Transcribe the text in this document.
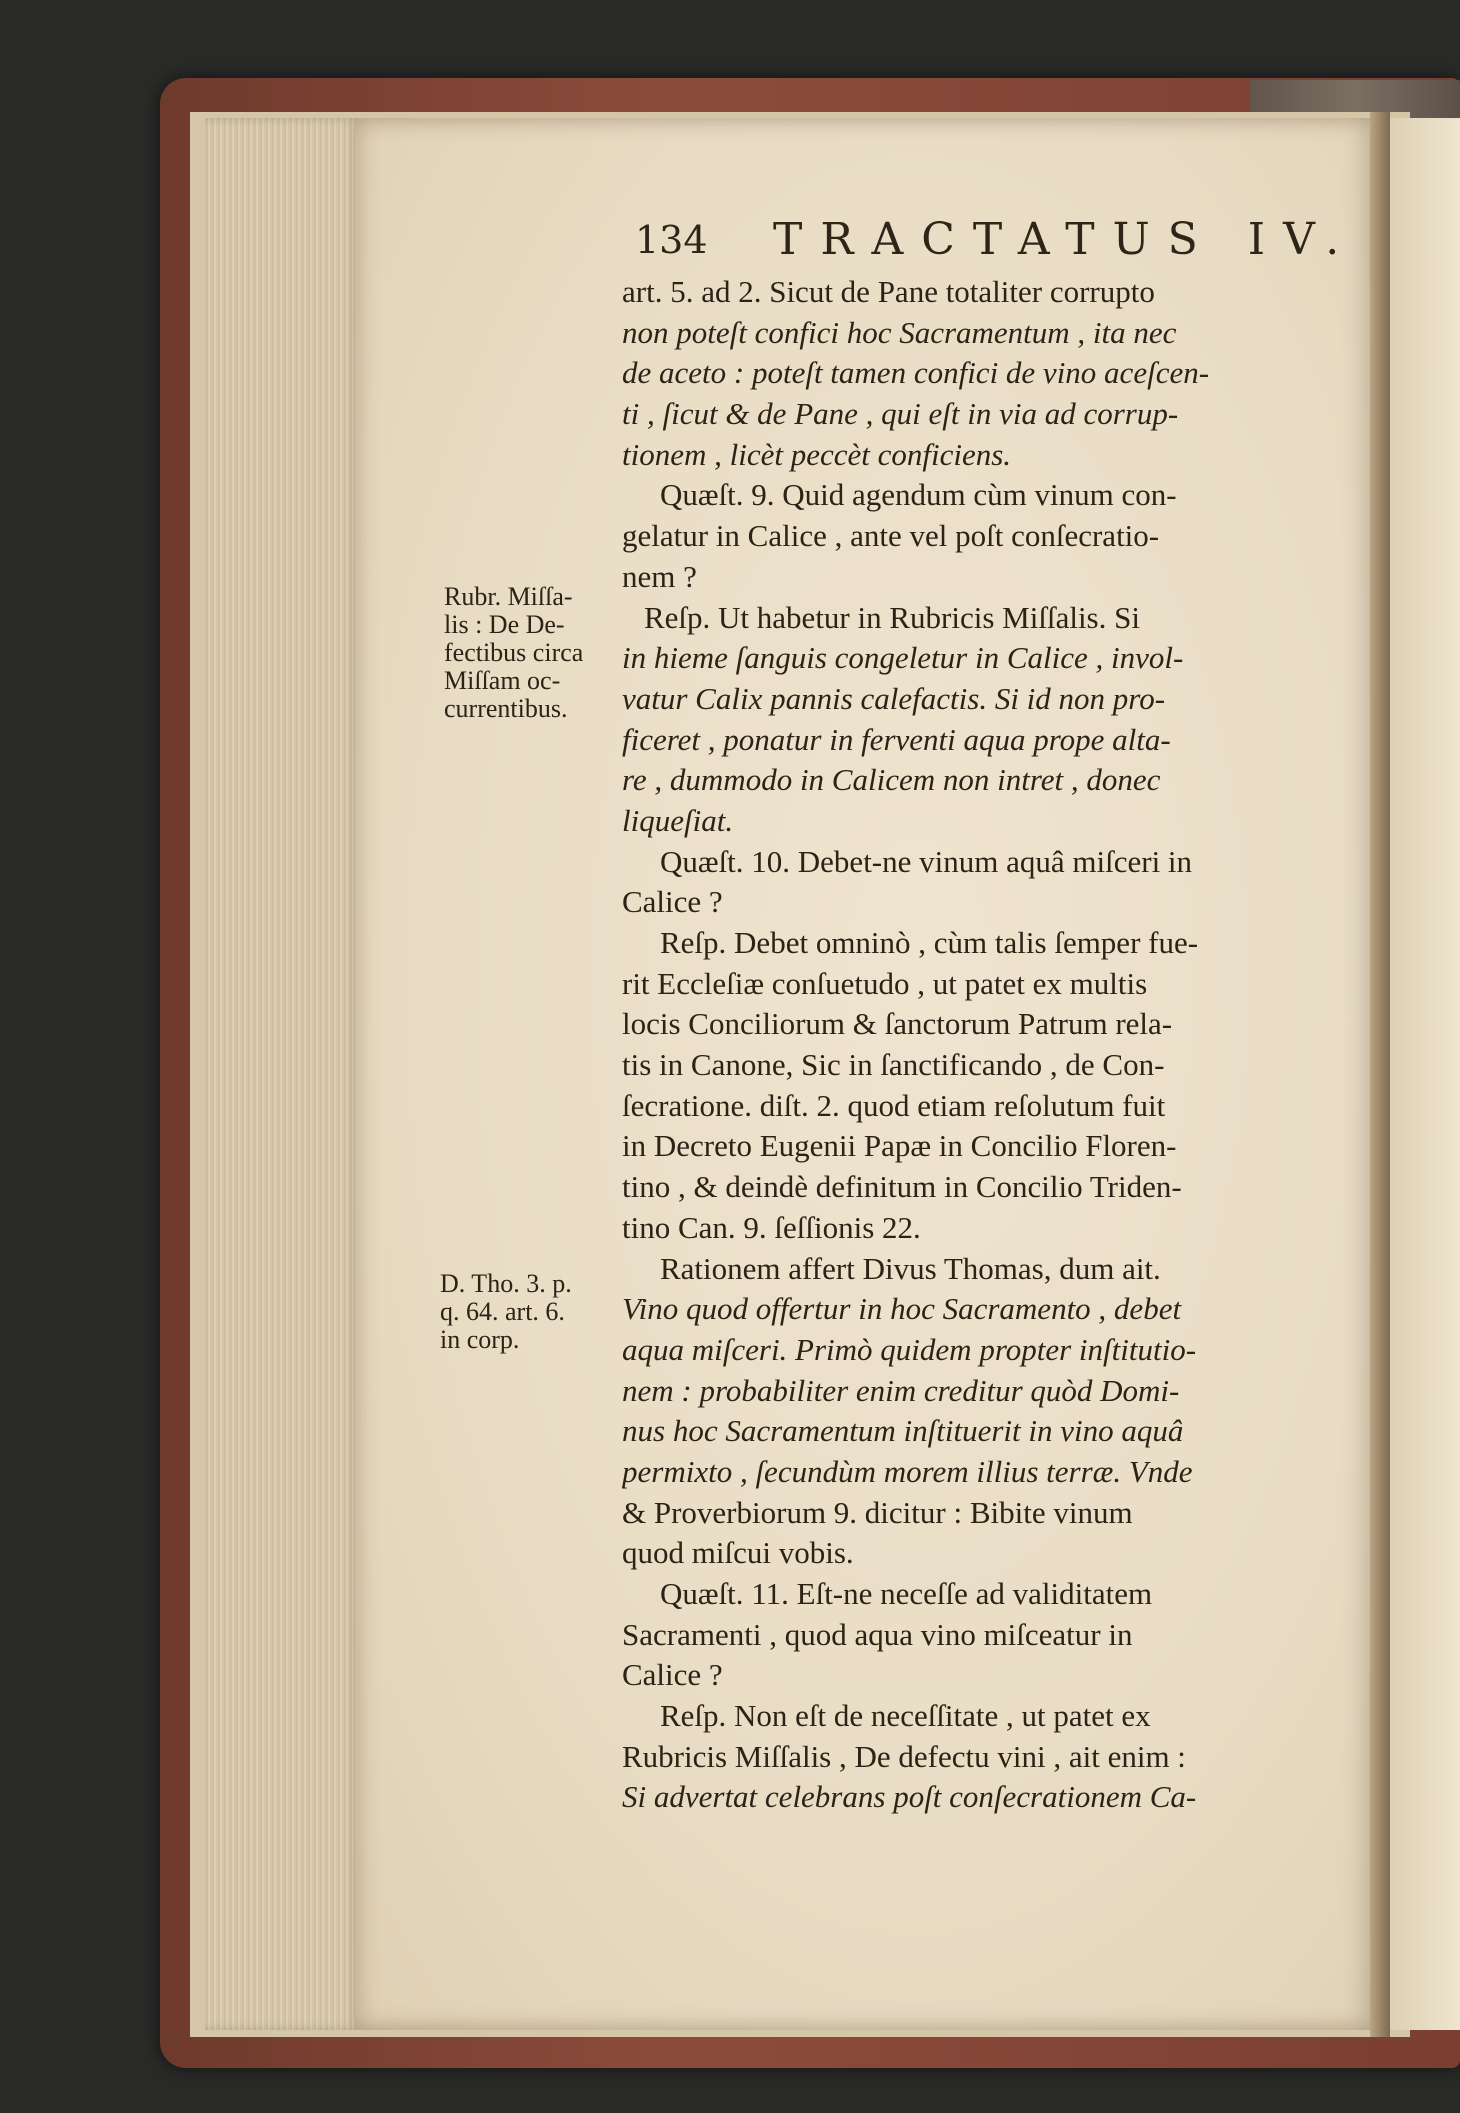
134 TRACTATUS IV.
art. 5. ad 2. Sicut de Pane totaliter corrupto
non poteſt confici hoc Sacramentum , ita nec
de aceto : poteſt tamen confici de vino aceſcen-
ti , ſicut & de Pane , qui eſt in via ad corrup-
tionem , licèt peccèt conficiens.
Quæſt. 9. Quid agendum cùm vinum con-
gelatur in Calice , ante vel poſt conſecratio-
nem ?
Reſp. Ut habetur in Rubricis Miſſalis. Si
in hieme ſanguis congeletur in Calice , invol-
vatur Calix pannis calefactis. Si id non pro-
ficeret , ponatur in ferventi aqua prope alta-
re , dummodo in Calicem non intret , donec
liqueſiat.
Quæſt. 10. Debet-ne vinum aquâ miſceri in
Calice ?
Reſp. Debet omninò , cùm talis ſemper fue-
rit Eccleſiæ conſuetudo , ut patet ex multis
locis Conciliorum & ſanctorum Patrum rela-
tis in Canone, Sic in ſanctificando , de Con-
ſecratione. diſt. 2. quod etiam reſolutum fuit
in Decreto Eugenii Papæ in Concilio Floren-
tino , & deindè definitum in Concilio Triden-
tino Can. 9. ſeſſionis 22.
Rationem affert Divus Thomas, dum ait.
Vino quod offertur in hoc Sacramento , debet
aqua miſceri. Primò quidem propter inſtitutio-
nem : probabiliter enim creditur quòd Domi-
nus hoc Sacramentum inſtituerit in vino aquâ
permixto , ſecundùm morem illius terræ. Vnde
& Proverbiorum 9. dicitur : Bibite vinum
quod miſcui vobis.
Quæſt. 11. Eſt-ne neceſſe ad validitatem
Sacramenti , quod aqua vino miſceatur in
Calice ?
Reſp. Non eſt de neceſſitate , ut patet ex
Rubricis Miſſalis , De defectu vini , ait enim :
Si advertat celebrans poſt conſecrationem Ca-
Rubr. Miſſa-
lis : De De-
fectibus circa
Miſſam oc-
currentibus.
D. Tho. 3. p.
q. 64. art. 6.
in corp.
